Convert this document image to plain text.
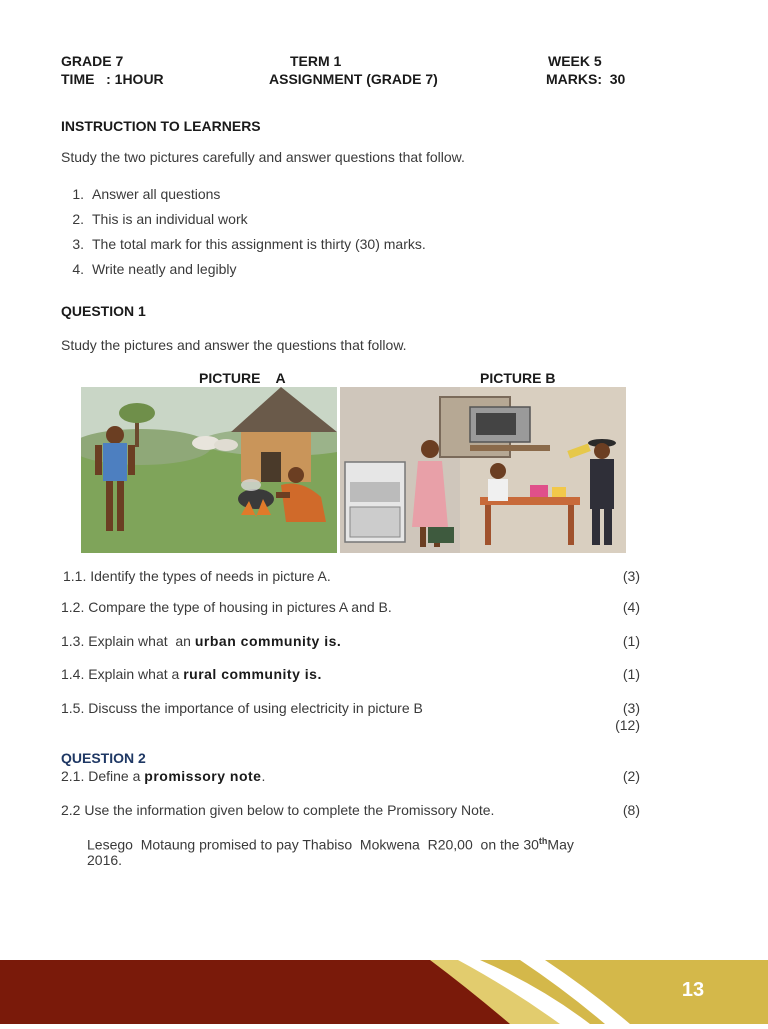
GRADE 7	TERM 1	WEEK 5
TIME   : 1HOUR	ASSIGNMENT (GRADE 7)	MARKS:  30
INSTRUCTION TO LEARNERS
Study the two pictures carefully and answer questions that follow.
1. Answer all questions
2. This is an individual work
3. The total mark for this assignment is thirty (30) marks.
4. Write neatly and legibly
QUESTION 1
Study the pictures and answer the questions that follow.
PICTURE    A	PICTURE B
1.1. Identify the types of needs in picture A.	(3)
1.2. Compare the type of housing in pictures A and B.	(4)
1.3. Explain what  an urban community is.	(1)
1.4. Explain what a rural community is.	(1)
1.5. Discuss the importance of using electricity in picture B	(3)
(12)
QUESTION 2
2.1. Define a promissory note.	(2)
2.2 Use the information given below to complete the Promissory Note.	(8)
Lesego  Motaung promised to pay Thabiso  Mokwena  R20,00  on the 30thMay
2016.
13
